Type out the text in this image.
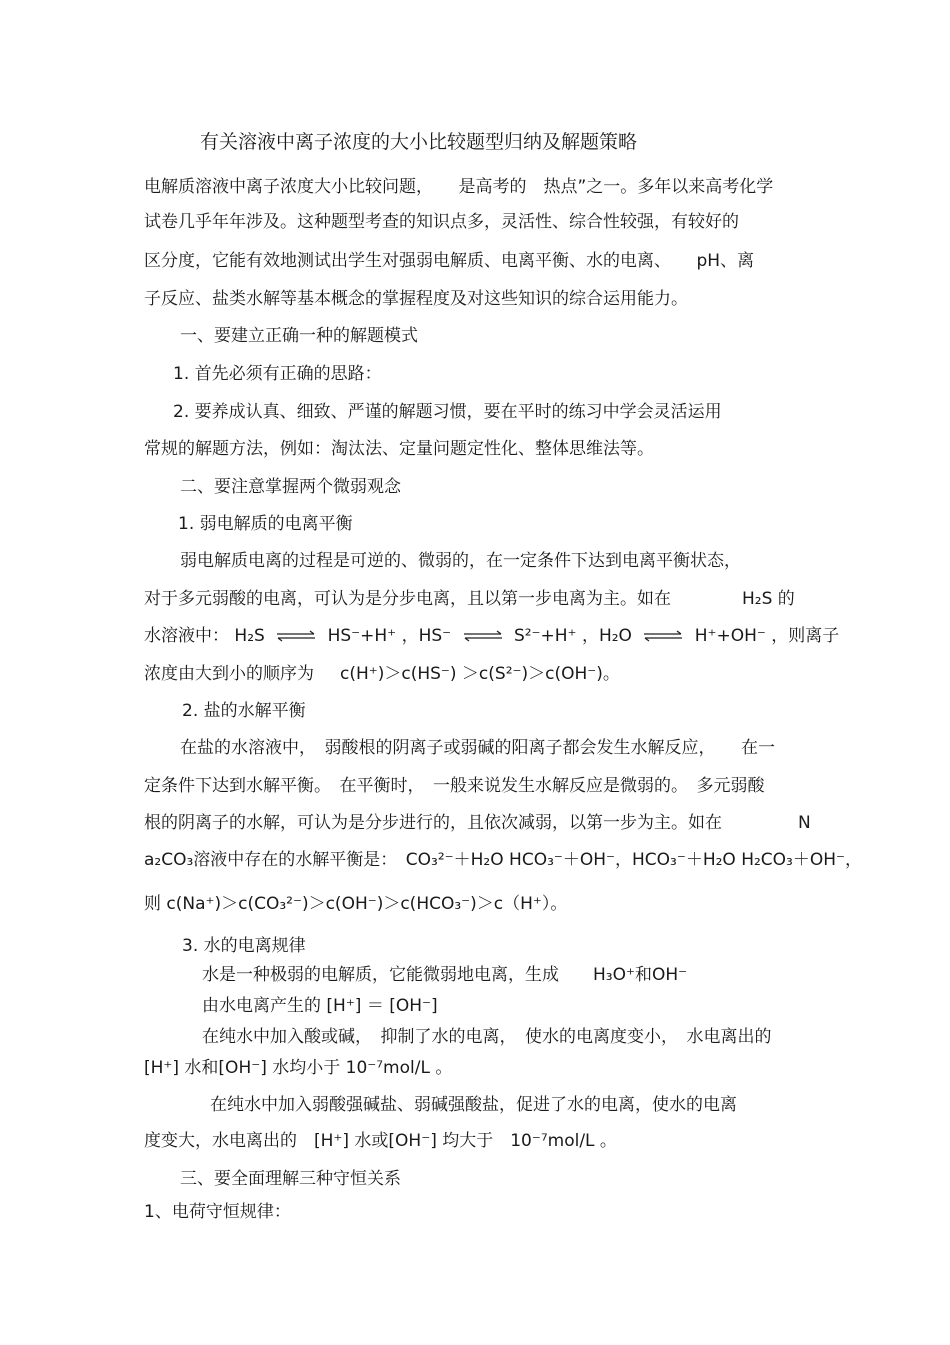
有关溶液中离子浓度的大小比较题型归纳及解题策略
电解质溶液中离子浓度大小比较问题，　　是高考的　热点”之一。多年以来高考化学
试卷几乎年年涉及。这种题型考查的知识点多，灵活性、综合性较强，有较好的
区分度，它能有效地测试出学生对强弱电解质、电离平衡、水的电离、　　pH、离
子反应、盐类水解等基本概念的掌握程度及对这些知识的综合运用能力。
一、要建立正确一种的解题模式
1. 首先必须有正确的思路：
2. 要养成认真、细致、严谨的解题习惯，要在平时的练习中学会灵活运用
常规的解题方法，例如：淘汰法、定量问题定性化、整体思维法等。
二、要注意掌握两个微弱观念
1. 弱电解质的电离平衡
弱电解质电离的过程是可逆的、微弱的，在一定条件下达到电离平衡状态，
对于多元弱酸的电离，可认为是分步电离，且以第一步电离为主。如在	H₂S 的
水溶液中： H₂S ⇌ HS⁻+H⁺ ，HS⁻ ⇌ S²⁻+H⁺ ，H₂O ⇌ H⁺+OH⁻ ，则离子
浓度由大到小的顺序为 c(H⁺)＞c(HS⁻) ＞c(S²⁻)＞c(OH⁻)。
2. 盐的水解平衡
在盐的水溶液中，　弱酸根的阴离子或弱碱的阳离子都会发生水解反应，　　在一
定条件下达到水解平衡。　在平衡时，　一般来说发生水解反应是微弱的。　多元弱酸
根的阴离子的水解，可认为是分步进行的，且依次减弱，以第一步为主。如在	N
a₂CO₃溶液中存在的水解平衡是：　CO₃²⁻＋H₂O HCO₃⁻＋OH⁻，HCO₃⁻＋H₂O H₂CO₃＋OH⁻，
则 c(Na⁺)＞c(CO₃²⁻)＞c(OH⁻)＞c(HCO₃⁻)＞c（H⁺）。
3. 水的电离规律
水是一种极弱的电解质，它能微弱地电离，生成　　H₃O⁺和OH⁻
由水电离产生的 [H⁺] ＝ [OH⁻]
在纯水中加入酸或碱，　抑制了水的电离，　使水的电离度变小，　水电离出的
[H⁺] 水和[OH⁻] 水均小于 10⁻⁷mol/L 。
在纯水中加入弱酸强碱盐、弱碱强酸盐，促进了水的电离，使水的电离
度变大，水电离出的　[H⁺] 水或[OH⁻] 均大于　10⁻⁷mol/L 。
三、要全面理解三种守恒关系
1、电荷守恒规律：
